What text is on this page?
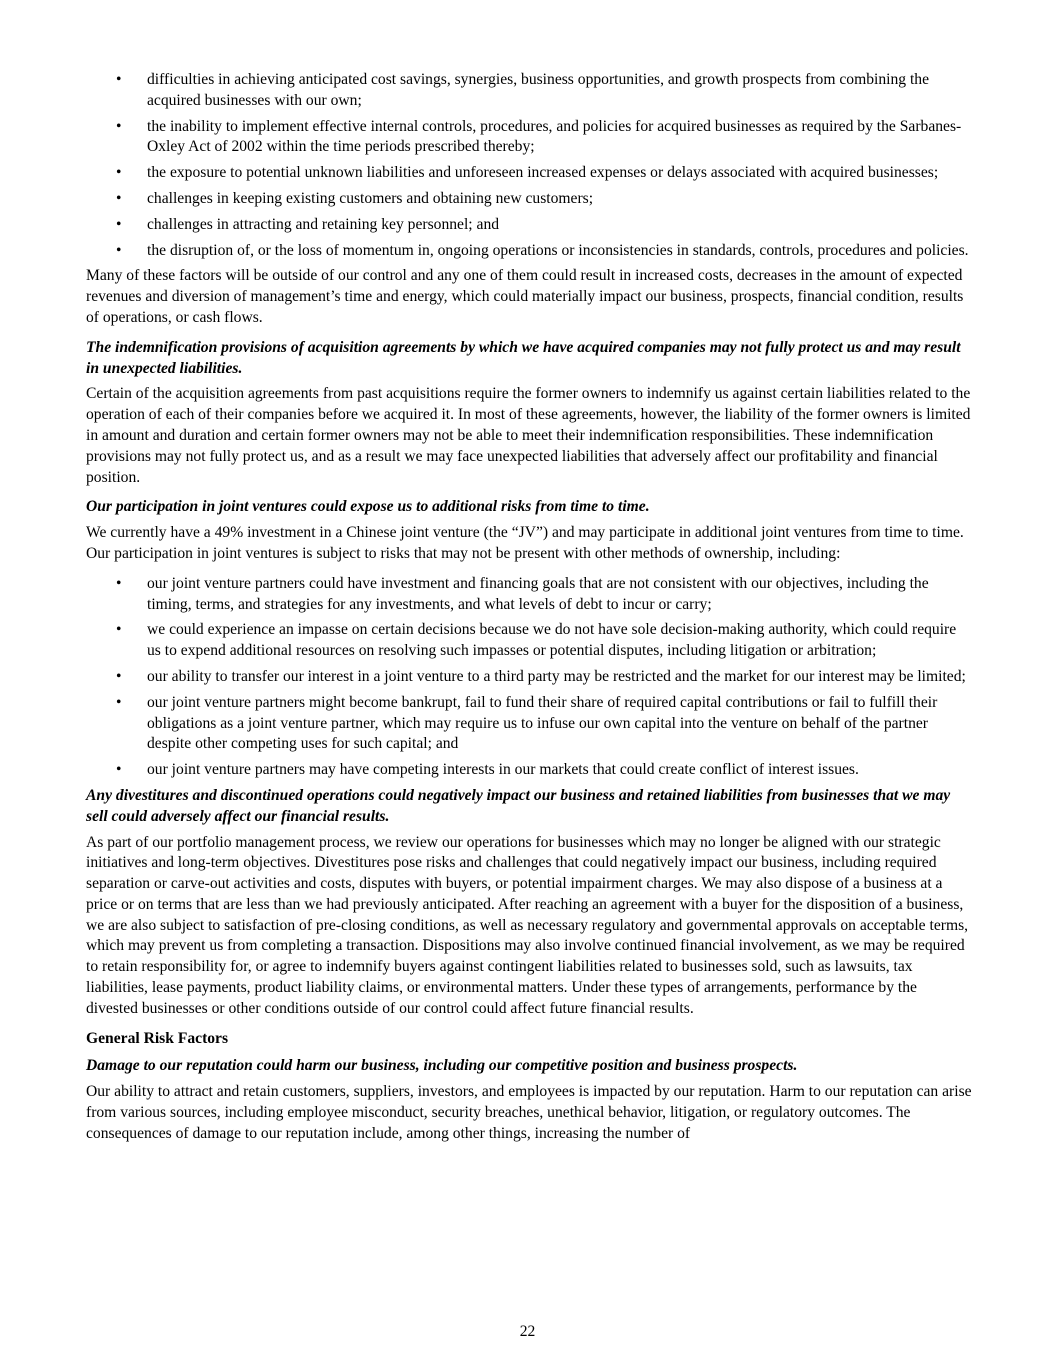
• difficulties in achieving anticipated cost savings, synergies, business opportunities, and growth prospects from combining the acquired businesses with our own;
• the inability to implement effective internal controls, procedures, and policies for acquired businesses as required by the Sarbanes-Oxley Act of 2002 within the time periods prescribed thereby;
• the exposure to potential unknown liabilities and unforeseen increased expenses or delays associated with acquired businesses;
• challenges in keeping existing customers and obtaining new customers;
• challenges in attracting and retaining key personnel; and
• the disruption of, or the loss of momentum in, ongoing operations or inconsistencies in standards, controls, procedures and policies.

Many of these factors will be outside of our control and any one of them could result in increased costs, decreases in the amount of expected revenues and diversion of management’s time and energy, which could materially impact our business, prospects, financial condition, results of operations, or cash flows.

The indemnification provisions of acquisition agreements by which we have acquired companies may not fully protect us and may result in unexpected liabilities.

Certain of the acquisition agreements from past acquisitions require the former owners to indemnify us against certain liabilities related to the operation of each of their companies before we acquired it. In most of these agreements, however, the liability of the former owners is limited in amount and duration and certain former owners may not be able to meet their indemnification responsibilities. These indemnification provisions may not fully protect us, and as a result we may face unexpected liabilities that adversely affect our profitability and financial position.

Our participation in joint ventures could expose us to additional risks from time to time.

We currently have a 49% investment in a Chinese joint venture (the “JV”) and may participate in additional joint ventures from time to time. Our participation in joint ventures is subject to risks that may not be present with other methods of ownership, including:

• our joint venture partners could have investment and financing goals that are not consistent with our objectives, including the timing, terms, and strategies for any investments, and what levels of debt to incur or carry;
• we could experience an impasse on certain decisions because we do not have sole decision-making authority, which could require us to expend additional resources on resolving such impasses or potential disputes, including litigation or arbitration;
• our ability to transfer our interest in a joint venture to a third party may be restricted and the market for our interest may be limited;
• our joint venture partners might become bankrupt, fail to fund their share of required capital contributions or fail to fulfill their obligations as a joint venture partner, which may require us to infuse our own capital into the venture on behalf of the partner despite other competing uses for such capital; and
• our joint venture partners may have competing interests in our markets that could create conflict of interest issues.
Any divestitures and discontinued operations could negatively impact our business and retained liabilities from businesses that we may sell could adversely affect our financial results.

As part of our portfolio management process, we review our operations for businesses which may no longer be aligned with our strategic initiatives and long-term objectives. Divestitures pose risks and challenges that could negatively impact our business, including required separation or carve-out activities and costs, disputes with buyers, or potential impairment charges. We may also dispose of a business at a price or on terms that are less than we had previously anticipated. After reaching an agreement with a buyer for the disposition of a business, we are also subject to satisfaction of pre-closing conditions, as well as necessary regulatory and governmental approvals on acceptable terms, which may prevent us from completing a transaction. Dispositions may also involve continued financial involvement, as we may be required to retain responsibility for, or agree to indemnify buyers against contingent liabilities related to businesses sold, such as lawsuits, tax liabilities, lease payments, product liability claims, or environmental matters. Under these types of arrangements, performance by the divested businesses or other conditions outside of our control could affect future financial results.

General Risk Factors
Damage to our reputation could harm our business, including our competitive position and business prospects.

Our ability to attract and retain customers, suppliers, investors, and employees is impacted by our reputation. Harm to our reputation can arise from various sources, including employee misconduct, security breaches, unethical behavior, litigation, or regulatory outcomes. The consequences of damage to our reputation include, among other things, increasing the number of

22
